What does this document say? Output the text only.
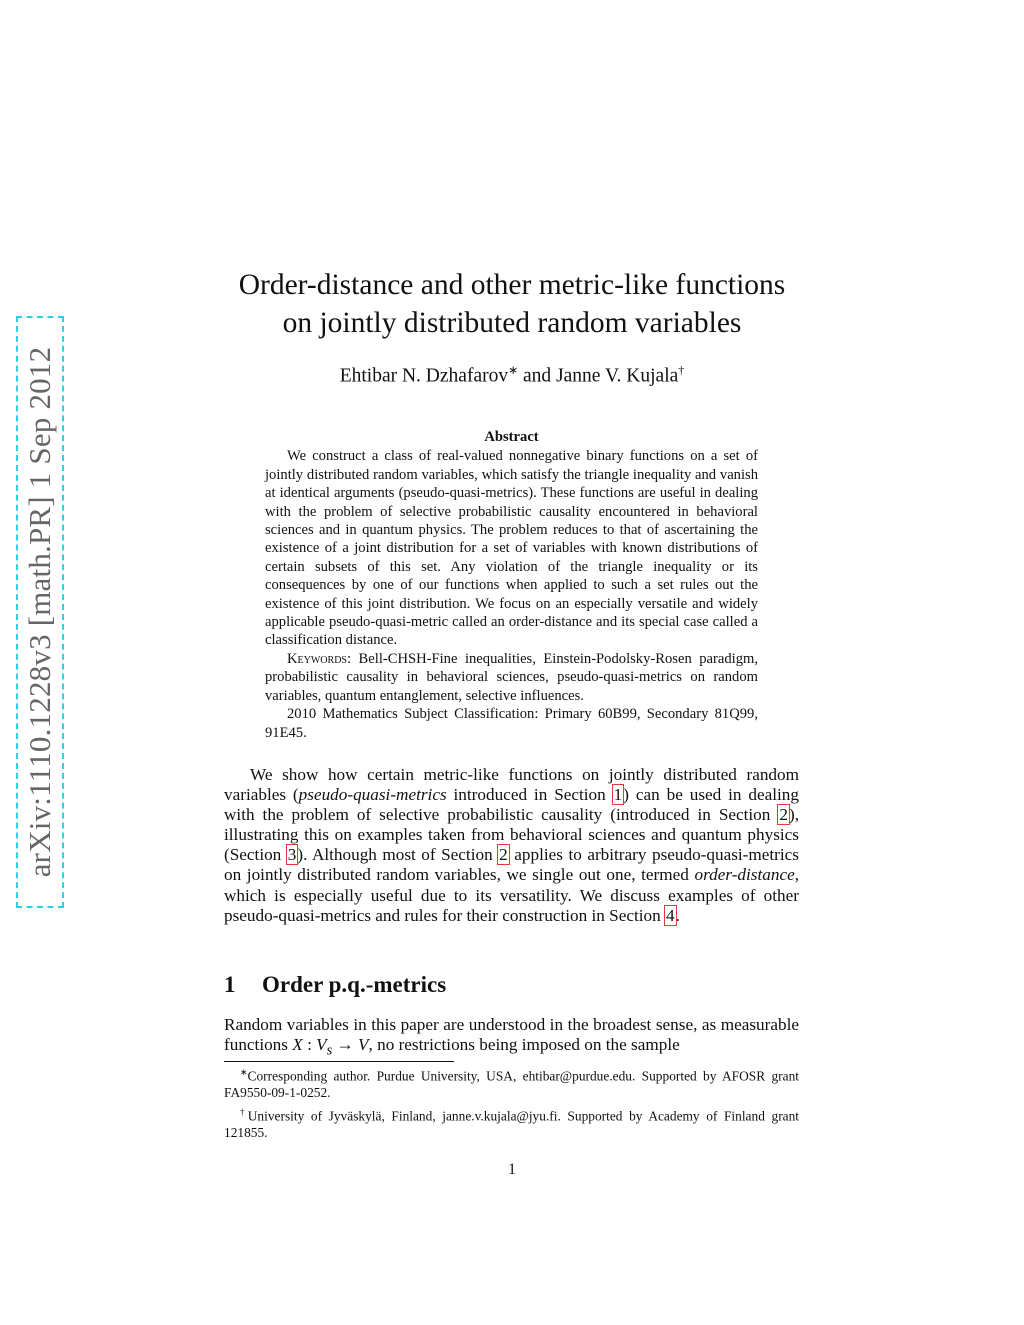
arXiv:1110.1228v3 [math.PR] 1 Sep 2012
Order-distance and other metric-like functions
on jointly distributed random variables
Ehtibar N. Dzhafarov∗ and Janne V. Kujala†
Abstract

We construct a class of real-valued nonnegative binary functions on a set of jointly distributed random variables, which satisfy the triangle inequality and vanish at identical arguments (pseudo-quasi-metrics). These functions are useful in dealing with the problem of selective probabilistic causality encountered in behavioral sciences and in quantum physics. The problem reduces to that of ascertaining the existence of a joint distribution for a set of variables with known distributions of certain subsets of this set. Any violation of the triangle inequality or its consequences by one of our functions when applied to such a set rules out the existence of this joint distribution. We focus on an especially versatile and widely applicable pseudo-quasi-metric called an order-distance and its special case called a classification distance.

Keywords: Bell-CHSH-Fine inequalities, Einstein-Podolsky-Rosen paradigm, probabilistic causality in behavioral sciences, pseudo-quasi-metrics on random variables, quantum entanglement, selective influences.

2010 Mathematics Subject Classification: Primary 60B99, Secondary 81Q99, 91E45.

We show how certain metric-like functions on jointly distributed random variables (pseudo-quasi-metrics introduced in Section 1) can be used in dealing with the problem of selective probabilistic causality (introduced in Section 2), illustrating this on examples taken from behavioral sciences and quantum physics (Section 3). Although most of Section 2 applies to arbitrary pseudo-quasi-metrics on jointly distributed random variables, we single out one, termed order-distance, which is especially useful due to its versatility. We discuss examples of other pseudo-quasi-metrics and rules for their construction in Section 4.
1 Order p.q.-metrics
Random variables in this paper are understood in the broadest sense, as measurable functions X : $V_s \to V$, no restrictions being imposed on the sample

∗Corresponding author. Purdue University, USA, ehtibar@purdue.edu. Supported by AFOSR grant FA9550-09-1-0252.

†University of Jyväskylä, Finland, janne.v.kujala@jyu.fi. Supported by Academy of Finland grant 121855.

1
